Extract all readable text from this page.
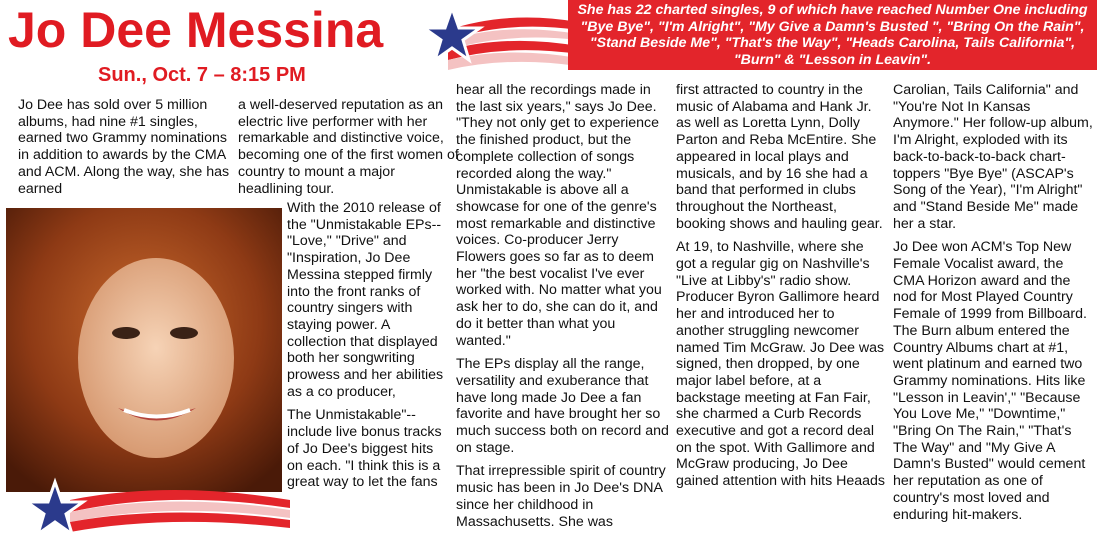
Jo Dee Messina
Sun., Oct. 7 – 8:15 PM
She has 22 charted singles, 9 of which have reached Number One including "Bye Bye", "I'm Alright", "My Give a Damn's Busted ", "Bring On the Rain", "Stand Beside Me", "That's the Way", "Heads Carolina, Tails California", "Burn" & "Lesson in Leavin".

Jo Dee has sold over 5 million albums, had nine #1 singles, earned two Grammy nominations in addition to awards by the CMA and ACM. Along the way, she has earned

a well-deserved reputation as an electric live performer with her remarkable and distinctive voice, becoming one of the first women of country to mount a major headlining tour.

With the 2010 release of the "Unmistakable EPs--"Love," "Drive" and "Inspiration, Jo Dee Messina stepped firmly into the front ranks of country singers with staying power. A collection that displayed both her songwriting prowess and her abilities as a co producer,

The Unmistakable"-- include live bonus tracks of Jo Dee's biggest hits on each. "I think this is a great way to let the fans

hear all the recordings made in the last six years," says Jo Dee. "They not only get to experience the finished product, but the complete collection of songs recorded along the way." Unmistakable is above all a showcase for one of the genre's most remarkable and distinctive voices. Co-producer Jerry Flowers goes so far as to deem her "the best vocalist I've ever worked with. No matter what you ask her to do, she can do it, and do it better than what you wanted."

The EPs display all the range, versatility and exuberance that have long made Jo Dee a fan favorite and have brought her so much success both on record and on stage.

That irrepressible spirit of country music has been in Jo Dee's DNA since her childhood in Massachusetts. She was

first attracted to country in the music of Alabama and Hank Jr. as well as Loretta Lynn, Dolly Parton and Reba McEntire. She appeared in local plays and musicals, and by 16 she had a band that performed in clubs throughout the Northeast, booking shows and hauling gear.

At 19, to Nashville, where she got a regular gig on Nashville's "Live at Libby's" radio show. Producer Byron Gallimore heard her and introduced her to another struggling newcomer named Tim McGraw. Jo Dee was signed, then dropped, by one major label before, at a backstage meeting at Fan Fair, she charmed a Curb Records executive and got a record deal on the spot. With Gallimore and McGraw producing, Jo Dee gained attention with hits Heaads

Carolian, Tails California" and "You're Not In Kansas Anymore." Her follow-up album, I'm Alright, exploded with its back-to-back-to-back chart-toppers "Bye Bye" (ASCAP's Song of the Year), "I'm Alright" and "Stand Beside Me" made her a star.

Jo Dee won ACM's Top New Female Vocalist award, the CMA Horizon award and the nod for Most Played Country Female of 1999 from Billboard. The Burn album entered the Country Albums chart at #1, went platinum and earned two Grammy nominations. Hits like "Lesson in Leavin'," "Because You Love Me," "Downtime," "Bring On The Rain," "That's The Way" and "My Give A Damn's Busted" would cement her reputation as one of country's most loved and enduring hit-makers.
